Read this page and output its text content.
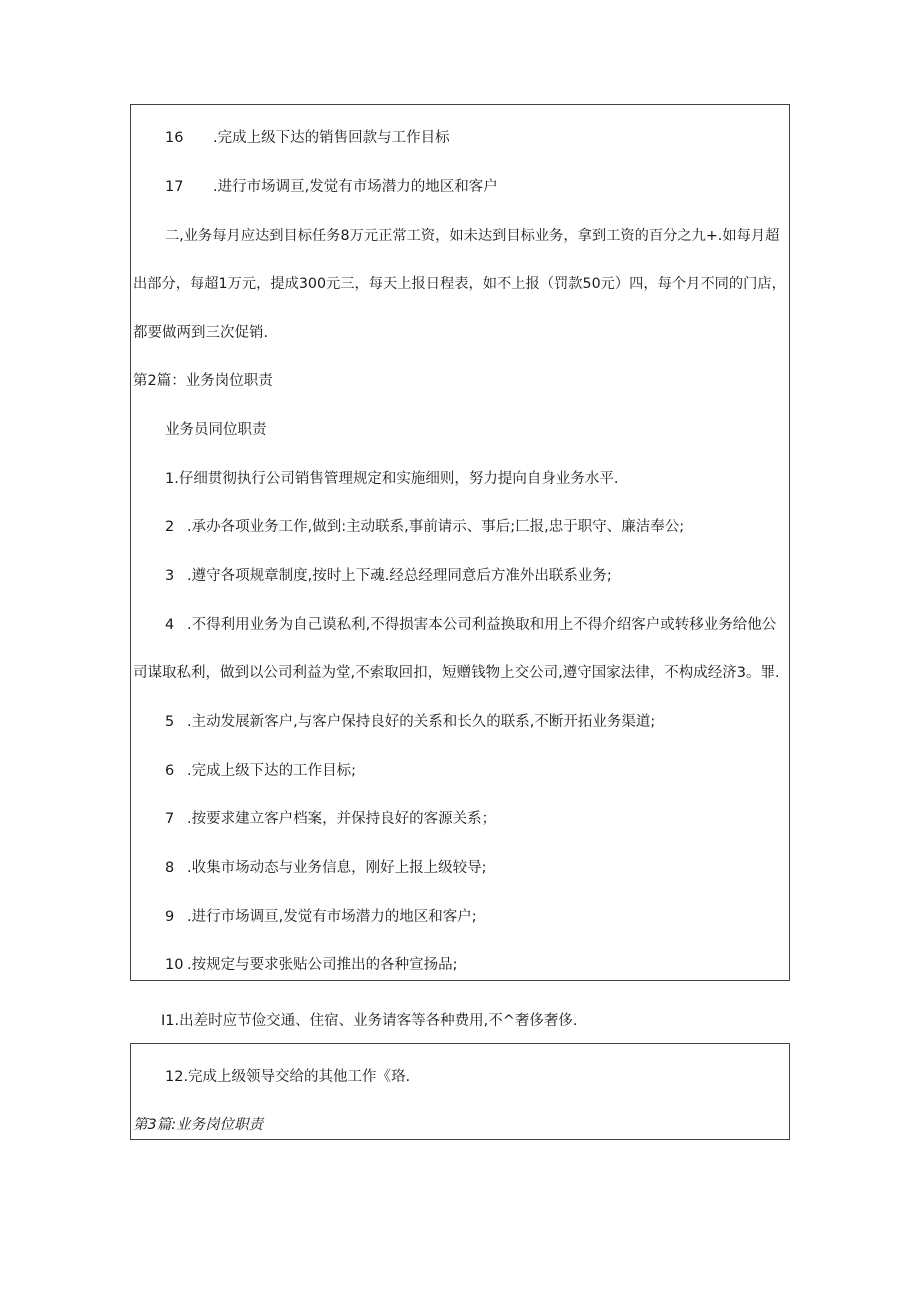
16 .完成上级下达的销售回款与工作目标
17 .进行市场调亘,发觉有市场潜力的地区和客户
二,业务每月应达到目标任务8万元正常工资，如未达到目标业务，拿到工资的百分之九+.如每月超
出部分，每超1万元，提成300元三，每天上报日程表，如不上报（罚款50元）四，每个月不同的门店，
都要做两到三次促销.
第2篇：业务岗位职责
业务员同位职责
1.仔细贯彻执行公司销售管理规定和实施细则，努力提向自身业务水平.
2 .承办各项业务工作,做到:主动联系,事前请示、事后;匚报,忠于职守、廉洁奉公;
3 .遵守各项规章制度,按时上下魂.经总经理同意后方准外出联系业务;
4 .不得利用业务为自己谟私利,不得损害本公司利益换取和用上不得介绍客户或转移业务给他公
司谋取私利，做到以公司利益为堂,不索取回扣，短赠钱物上交公司,遵守国家法律，不构成经济3。罪.
5 .主动发展新客户,与客户保持良好的关系和长久的联系,不断开拓业务渠道;
6 .完成上级下达的工作目标;
7 .按要求建立客户档案，并保持良好的客源关系；
8 .收集市场动态与业务信息，刚好上报上级较导;
9 .进行市场调亘,发觉有市场潜力的地区和客户;
10 .按规定与要求张贴公司推出的各种宣扬品;
I1.出差时应节俭交通、住宿、业务请客等各种费用,不^奢侈奢侈.
12.完成上级领导交给的其他工作《珞.
第3篇:业务岗位职责
